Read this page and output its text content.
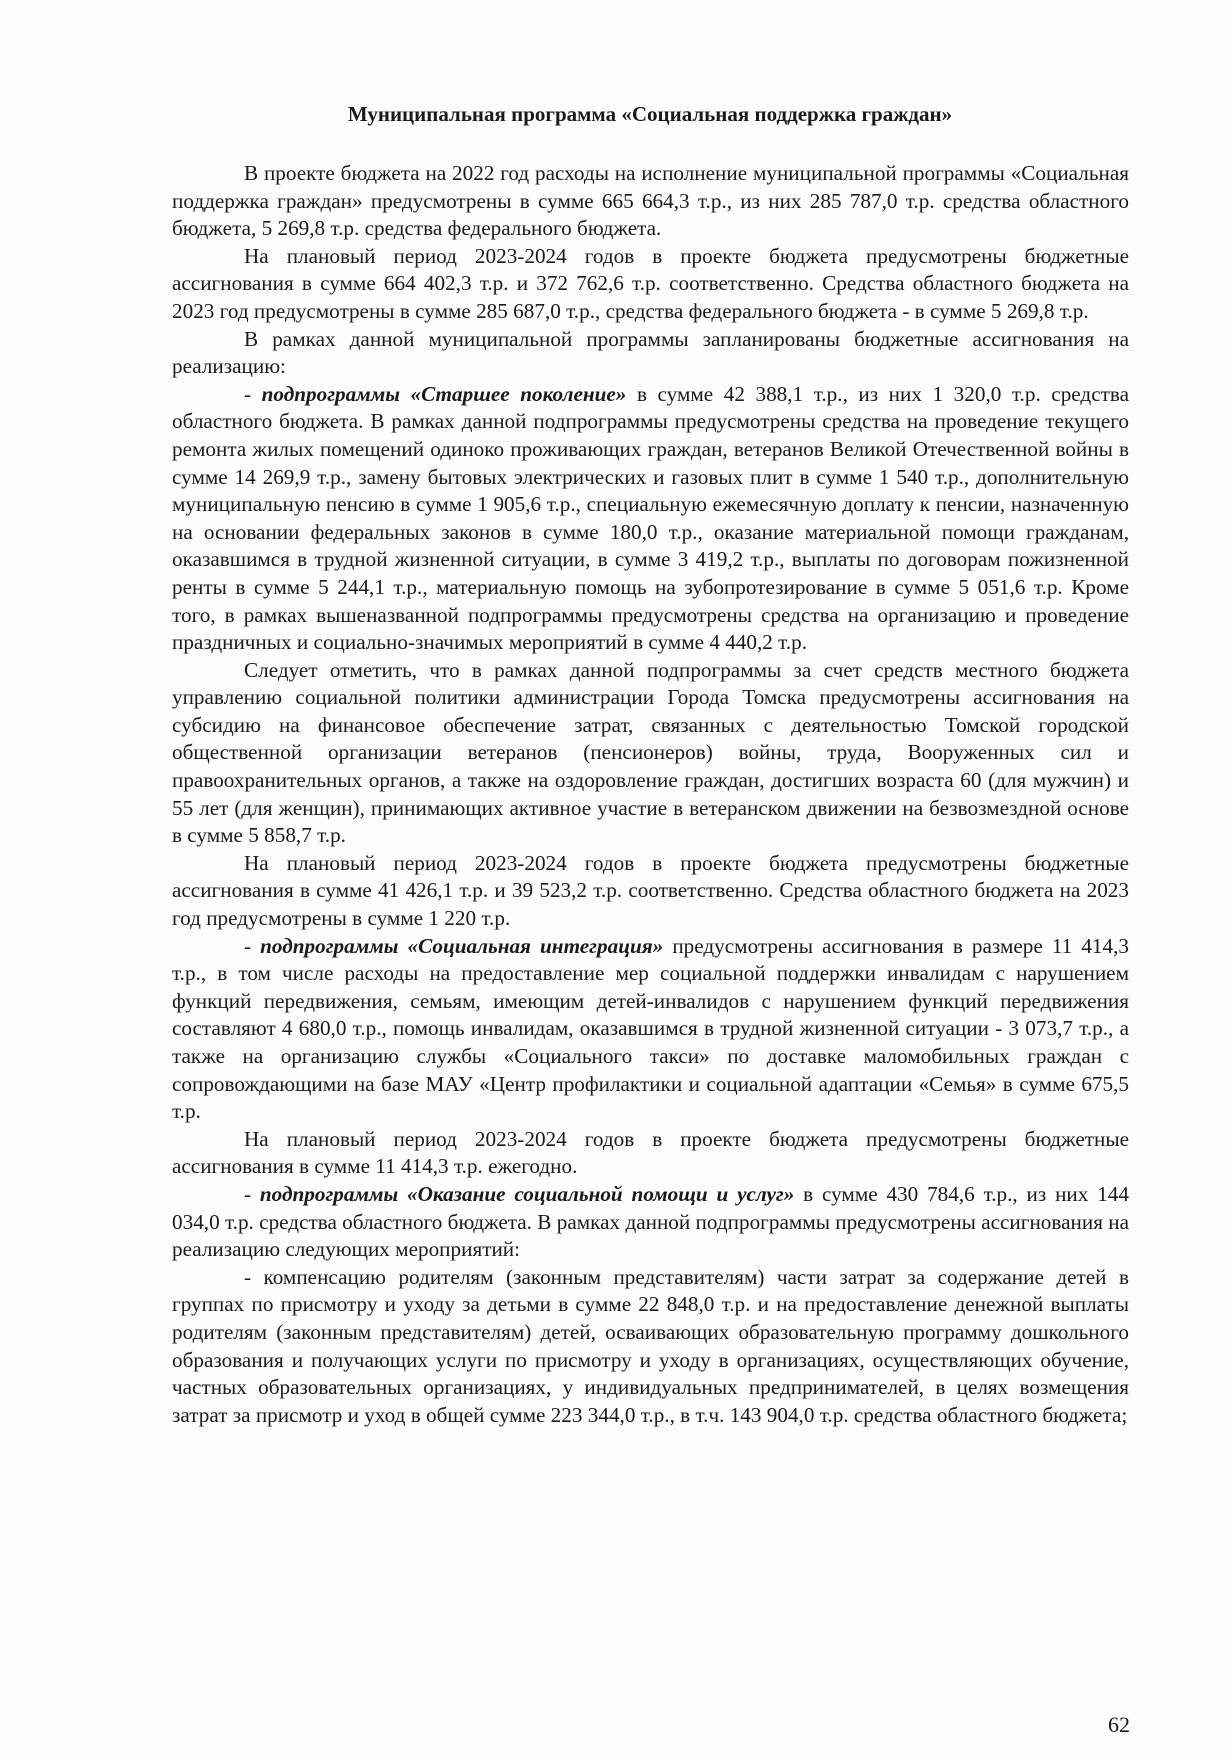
Муниципальная программа «Социальная поддержка граждан»

В проекте бюджета на 2022 год расходы на исполнение муниципальной программы «Социальная поддержка граждан» предусмотрены в сумме 665 664,3 т.р., из них 285 787,0 т.р. средства областного бюджета, 5 269,8 т.р. средства федерального бюджета.

На плановый период 2023-2024 годов в проекте бюджета предусмотрены бюджетные ассигнования в сумме 664 402,3 т.р. и 372 762,6 т.р. соответственно. Средства областного бюджета на 2023 год предусмотрены в сумме 285 687,0 т.р., средства федерального бюджета - в сумме 5 269,8 т.р.

В рамках данной муниципальной программы запланированы бюджетные ассигнования на реализацию:

- подпрограммы «Старшее поколение» в сумме 42 388,1 т.р., из них 1 320,0 т.р. средства областного бюджета. В рамках данной подпрограммы предусмотрены средства на проведение текущего ремонта жилых помещений одиноко проживающих граждан, ветеранов Великой Отечественной войны в сумме 14 269,9 т.р., замену бытовых электрических и газовых плит в сумме 1 540 т.р., дополнительную муниципальную пенсию в сумме 1 905,6 т.р., специальную ежемесячную доплату к пенсии, назначенную на основании федеральных законов в сумме 180,0 т.р., оказание материальной помощи гражданам, оказавшимся в трудной жизненной ситуации, в сумме 3 419,2 т.р., выплаты по договорам пожизненной ренты в сумме 5 244,1 т.р., материальную помощь на зубопротезирование в сумме 5 051,6 т.р. Кроме того, в рамках вышеназванной подпрограммы предусмотрены средства на организацию и проведение праздничных и социально-значимых мероприятий в сумме 4 440,2 т.р.

Следует отметить, что в рамках данной подпрограммы за счет средств местного бюджета управлению социальной политики администрации Города Томска предусмотрены ассигнования на субсидию на финансовое обеспечение затрат, связанных с деятельностью Томской городской общественной организации ветеранов (пенсионеров) войны, труда, Вооруженных сил и правоохранительных органов, а также на оздоровление граждан, достигших возраста 60 (для мужчин) и 55 лет (для женщин), принимающих активное участие в ветеранском движении на безвозмездной основе в сумме 5 858,7 т.р.

На плановый период 2023-2024 годов в проекте бюджета предусмотрены бюджетные ассигнования в сумме 41 426,1 т.р. и 39 523,2 т.р. соответственно. Средства областного бюджета на 2023 год предусмотрены в сумме 1 220 т.р.

- подпрограммы «Социальная интеграция» предусмотрены ассигнования в размере 11 414,3 т.р., в том числе расходы на предоставление мер социальной поддержки инвалидам с нарушением функций передвижения, семьям, имеющим детей-инвалидов с нарушением функций передвижения составляют 4 680,0 т.р., помощь инвалидам, оказавшимся в трудной жизненной ситуации - 3 073,7 т.р., а также на организацию службы «Социального такси» по доставке маломобильных граждан с сопровождающими на базе МАУ «Центр профилактики и социальной адаптации «Семья» в сумме 675,5 т.р.

На плановый период 2023-2024 годов в проекте бюджета предусмотрены бюджетные ассигнования в сумме 11 414,3 т.р. ежегодно.

- подпрограммы «Оказание социальной помощи и услуг» в сумме 430 784,6 т.р., из них 144 034,0 т.р. средства областного бюджета. В рамках данной подпрограммы предусмотрены ассигнования на реализацию следующих мероприятий:

- компенсацию родителям (законным представителям) части затрат за содержание детей в группах по присмотру и уходу за детьми в сумме 22 848,0 т.р. и на предоставление денежной выплаты родителям (законным представителям) детей, осваивающих образовательную программу дошкольного образования и получающих услуги по присмотру и уходу в организациях, осуществляющих обучение, частных образовательных организациях, у индивидуальных предпринимателей, в целях возмещения затрат за присмотр и уход в общей сумме 223 344,0 т.р., в т.ч. 143 904,0 т.р. средства областного бюджета;

62
